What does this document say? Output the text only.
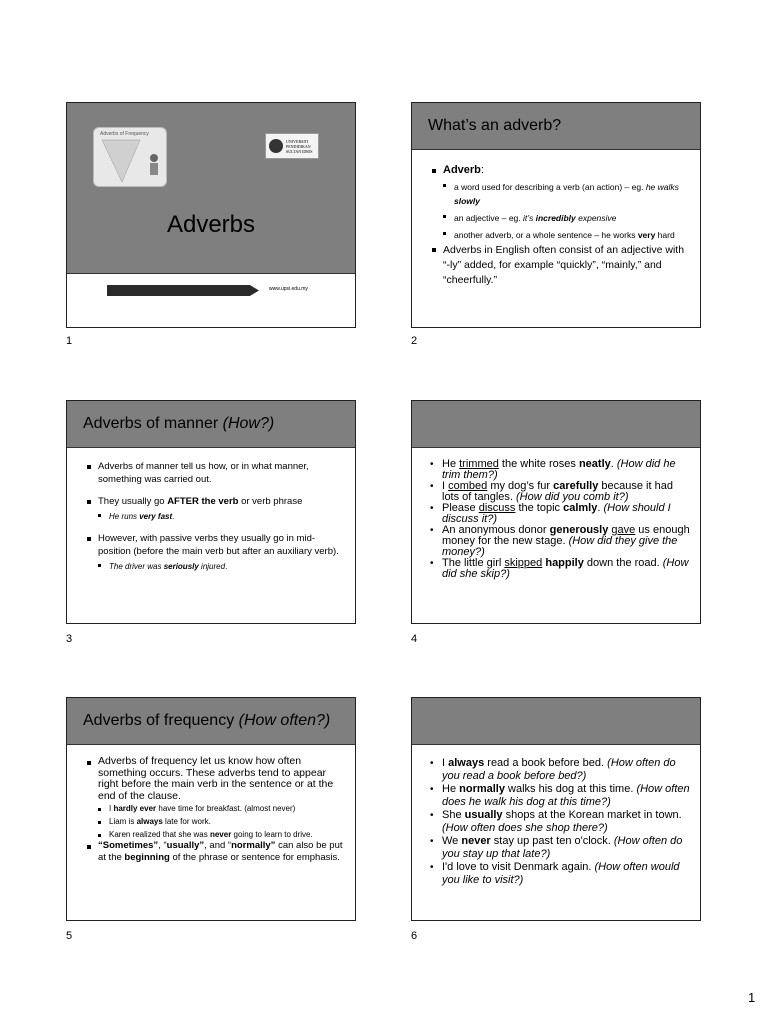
Adverbs of Frequency
UNIVERSITI PENDIDIKAN SULTAN IDRIS
Adverbs
www.upsi.edu.my
1
What’s an adverb?
Adverb:
a word used for describing a verb (an action) – eg. he walks slowly
an adjective – eg. it’s incredibly expensive
another adverb, or a whole sentence – he works very hard
Adverbs in English often consist of an adjective with “-ly” added, for example “quickly”, “mainly,” and “cheerfully.”
2
Adverbs of manner (How?)
Adverbs of manner tell us how, or in what manner, something was carried out.
They usually go AFTER the verb or verb phrase
He runs very fast.
However, with passive verbs they usually go in mid-position (before the main verb but after an auxiliary verb).
The driver was seriously injured.
3
• He trimmed the white roses neatly. (How did he trim them?)
• I combed my dog’s fur carefully because it had lots of tangles. (How did you comb it?)
• Please discuss the topic calmly. (How should I discuss it?)
• An anonymous donor generously gave us enough money for the new stage. (How did they give the money?)
• The little girl skipped happily down the road. (How did she skip?)
4
Adverbs of frequency (How often?)
Adverbs of frequency let us know how often something occurs. These adverbs tend to appear right before the main verb in the sentence or at the end of the clause.
I hardly ever have time for breakfast. (almost never)
Liam is always late for work.
Karen realized that she was never going to learn to drive.
“Sometimes”, “usually”, and “normally” can also be put at the beginning of the phrase or sentence for emphasis.
5
• I always read a book before bed. (How often do you read a book before bed?)
• He normally walks his dog at this time. (How often does he walk his dog at this time?)
• She usually shops at the Korean market in town. (How often does she shop there?)
• We never stay up past ten o'clock. (How often do you stay up that late?)
• I'd love to visit Denmark again. (How often would you like to visit?)
6
1
